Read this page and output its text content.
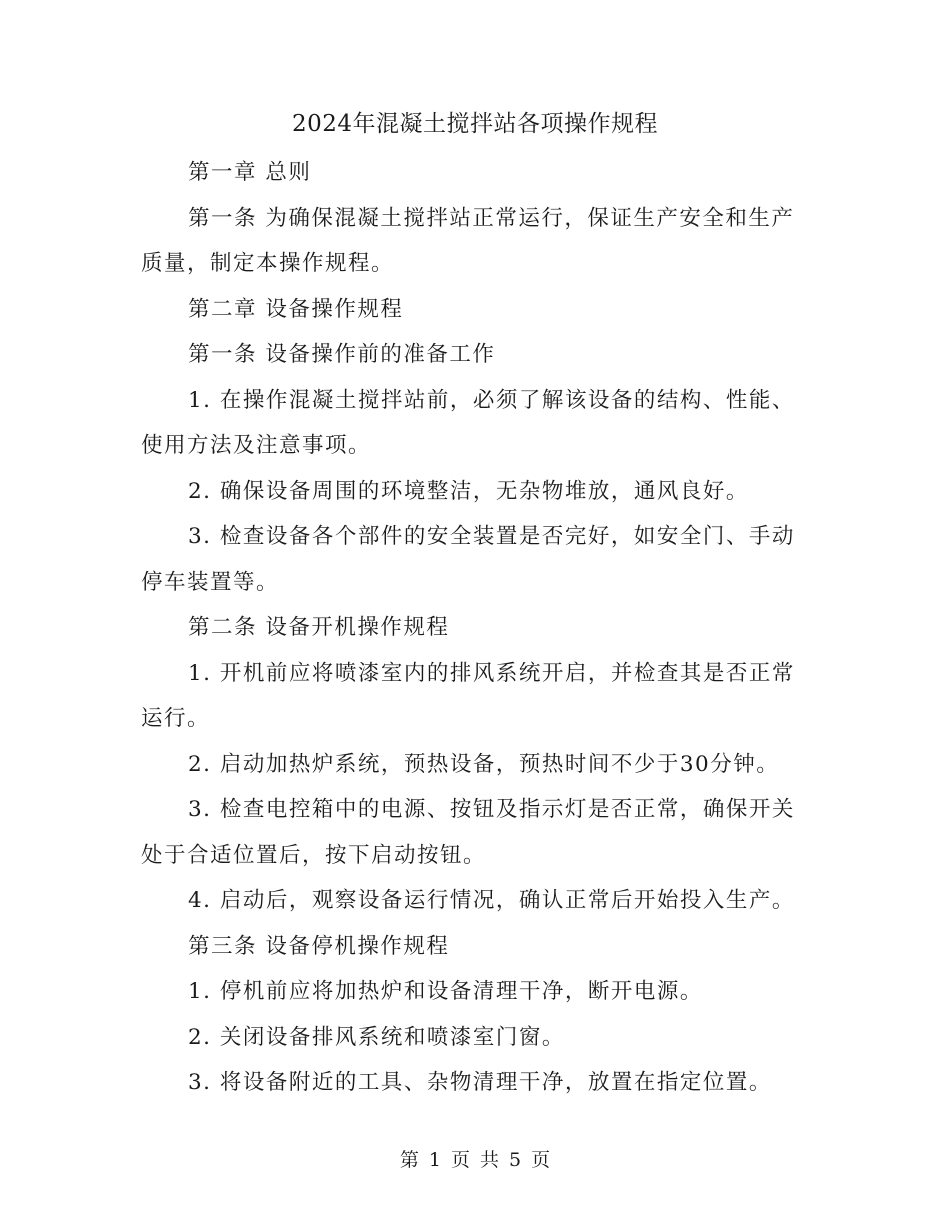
2024年混凝土搅拌站各项操作规程

第一章 总则

第一条 为确保混凝土搅拌站正常运行，保证生产安全和生产质量，制定本操作规程。

第二章 设备操作规程

第一条 设备操作前的准备工作

1. 在操作混凝土搅拌站前，必须了解该设备的结构、性能、使用方法及注意事项。

2. 确保设备周围的环境整洁，无杂物堆放，通风良好。

3. 检查设备各个部件的安全装置是否完好，如安全门、手动停车装置等。

第二条 设备开机操作规程

1. 开机前应将喷漆室内的排风系统开启，并检查其是否正常运行。

2. 启动加热炉系统，预热设备，预热时间不少于30分钟。

3. 检查电控箱中的电源、按钮及指示灯是否正常，确保开关处于合适位置后，按下启动按钮。

4. 启动后，观察设备运行情况，确认正常后开始投入生产。

第三条 设备停机操作规程

1. 停机前应将加热炉和设备清理干净，断开电源。

2. 关闭设备排风系统和喷漆室门窗。

3. 将设备附近的工具、杂物清理干净，放置在指定位置。

第 1 页 共 5 页
